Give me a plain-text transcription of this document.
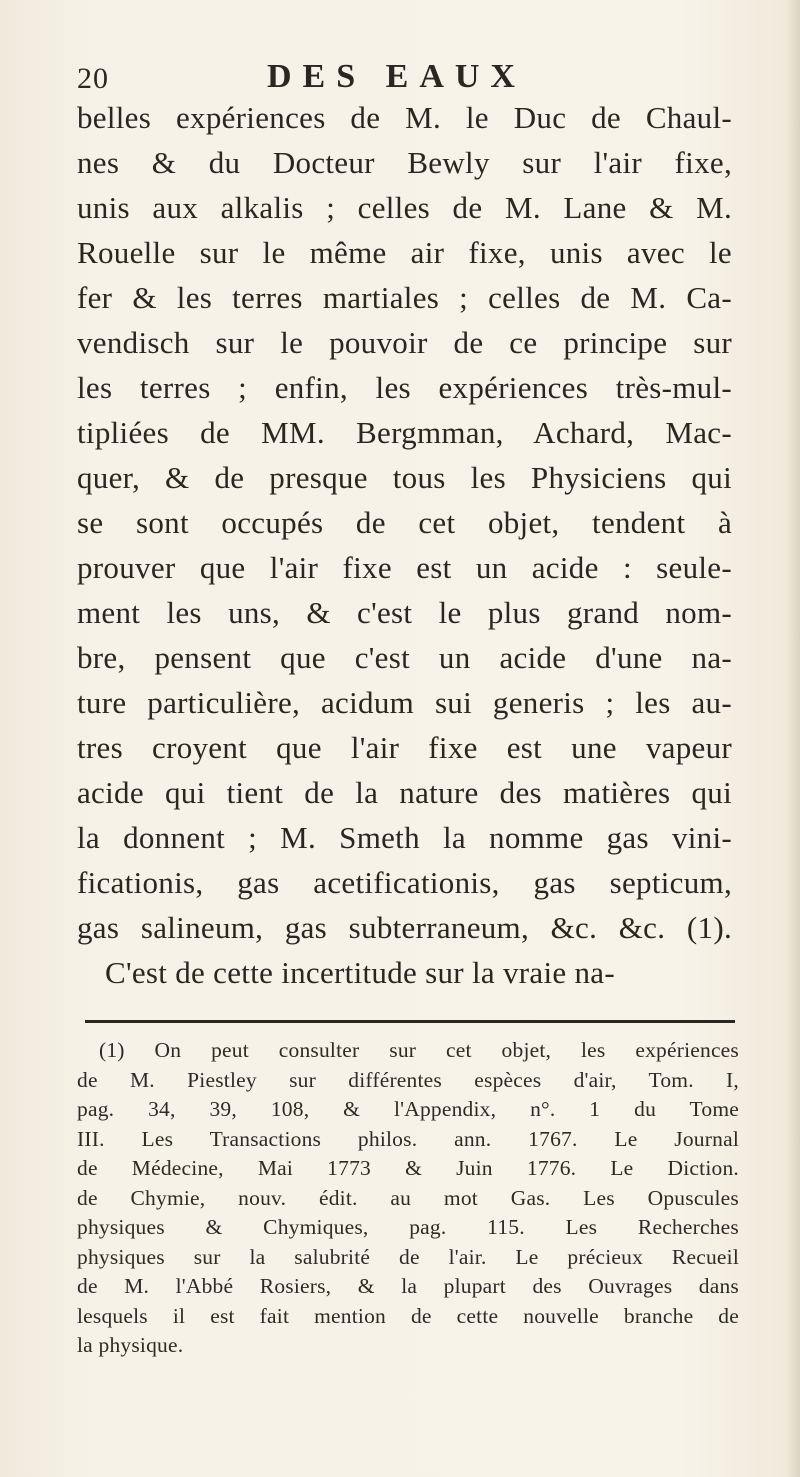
20	DES EAUX
belles expériences de M. le Duc de Chaul-
nes & du Docteur Bewly sur l'air fixe,
unis aux alkalis ; celles de M. Lane & M.
Rouelle sur le même air fixe, unis avec le
fer & les terres martiales ; celles de M. Ca-
vendisch sur le pouvoir de ce principe sur
les terres ; enfin, les expériences très-mul-
tipliées de MM. Bergmman, Achard, Mac-
quer, & de presque tous les Physiciens qui
se sont occupés de cet objet, tendent à
prouver que l'air fixe est un acide : seule-
ment les uns, & c'est le plus grand nom-
bre, pensent que c'est un acide d'une na-
ture particulière, acidum sui generis ; les au-
tres croyent que l'air fixe est une vapeur
acide qui tient de la nature des matières qui
la donnent ; M. Smeth la nomme gas vini-
ficationis, gas acetificationis, gas septicum,
gas salineum, gas subterraneum, &c. &c. (1).
C'est de cette incertitude sur la vraie na-
(1) On peut consulter sur cet objet, les expériences
de M. Piestley sur différentes espèces d'air, Tom. I,
pag. 34, 39, 108, & l'Appendix, n°. 1 du Tome
III. Les Transactions philos. ann. 1767. Le Journal
de Médecine, Mai 1773 & Juin 1776. Le Diction.
de Chymie, nouv. édit. au mot Gas. Les Opuscules
physiques & Chymiques, pag. 115. Les Recherches
physiques sur la salubrité de l'air. Le précieux Recueil
de M. l'Abbé Rosiers, & la plupart des Ouvrages dans
lesquels il est fait mention de cette nouvelle branche de
la physique.
